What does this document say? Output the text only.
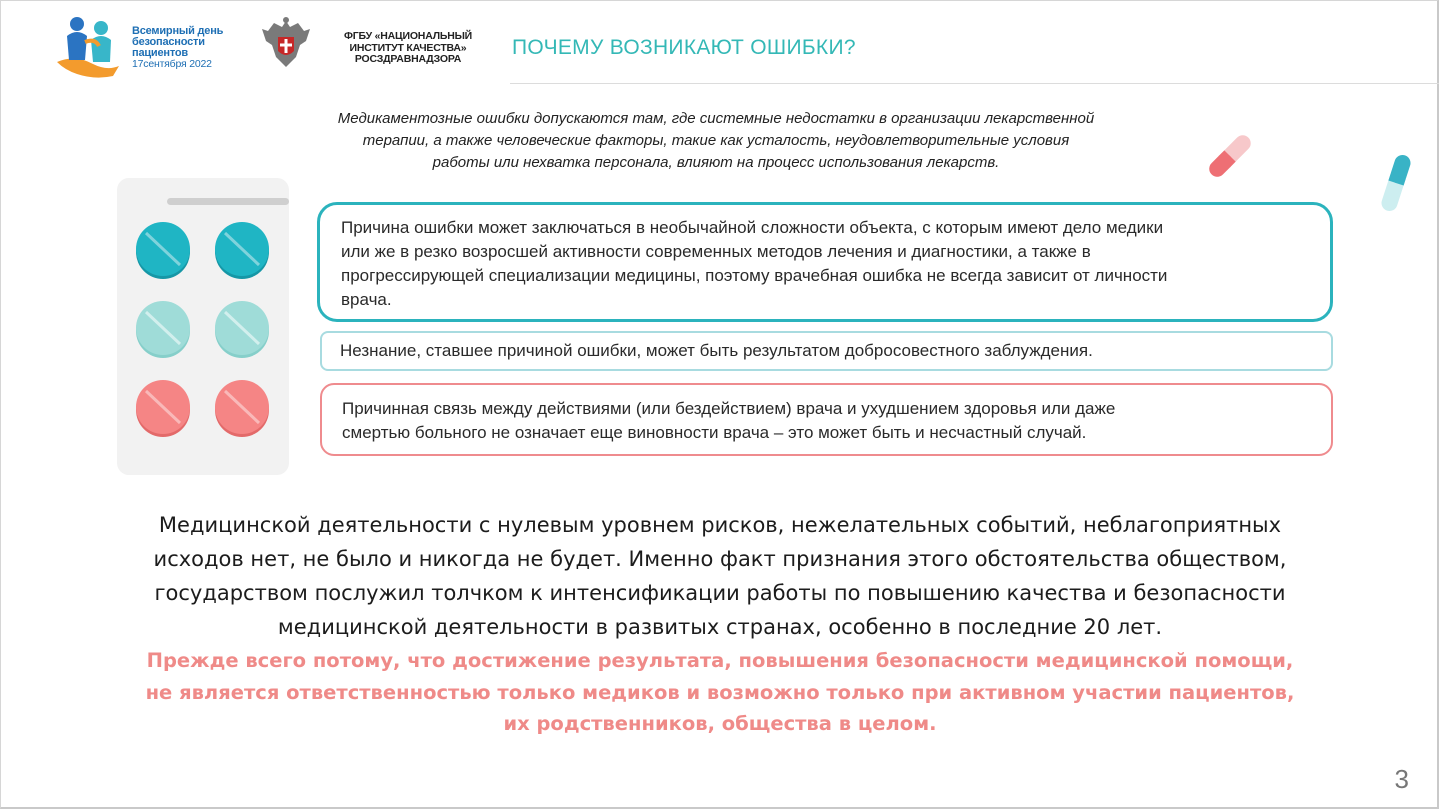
Всемирный день
безопасности
пациентов
17сентября 2022
ФГБУ «НАЦИОНАЛЬНЫЙ
ИНСТИТУТ КАЧЕСТВА»
РОСЗДРАВНАДЗОРА	ПОЧЕМУ ВОЗНИКАЮТ ОШИБКИ?
Медикаментозные ошибки допускаются там, где системные недостатки в организации лекарственной
терапии, а также человеческие факторы, такие как усталость, неудовлетворительные условия
работы или нехватка персонала, влияют на процесс использования лекарств.
Причина ошибки может заключаться в необычайной сложности объекта, с которым имеют дело медики
или же в резко возросшей активности современных методов лечения и диагностики, а также в
прогрессирующей специализации медицины, поэтому врачебная ошибка не всегда зависит от личности
врача.
Незнание, ставшее причиной ошибки, может быть результатом добросовестного заблуждения.
Причинная связь между действиями (или бездействием) врача и ухудшением здоровья или даже
смертью больного не означает еще виновности врача – это может быть и несчастный случай.
Медицинской деятельности с нулевым уровнем рисков, нежелательных событий, неблагоприятных
исходов нет, не было и никогда не будет. Именно факт признания этого обстоятельства обществом,
государством послужил толчком к интенсификации работы по повышению качества и безопасности
медицинской деятельности в развитых странах, особенно в последние 20 лет.
Прежде всего потому, что достижение результата, повышения безопасности медицинской помощи,
не является ответственностью только медиков и возможно только при активном участии пациентов,
их родственников, общества в целом.
3
